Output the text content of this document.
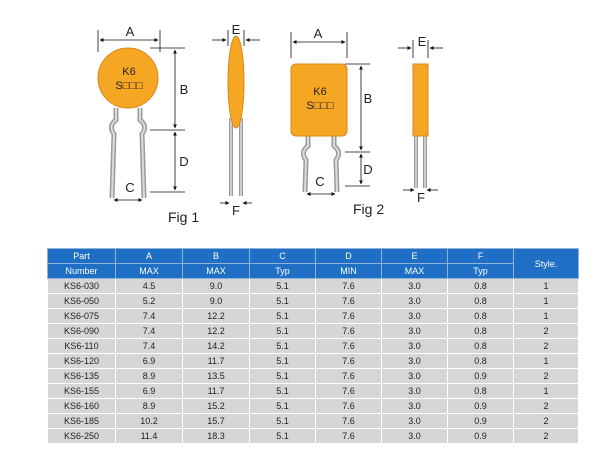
K6
S□□□
A
B
D
C
Fig 1
E
F
K6
S□□□
A
B
D
C
Fig 2
E
F
Part	A	B	C	D	E	F	Style.
Number	MAX	MAX	Typ	MIN	MAX	Typ	
KS6-030	4.5	9.0	5.1	7.6	3.0	0.8	1
KS6-050	5.2	9.0	5.1	7.6	3.0	0.8	1
KS6-075	7.4	12.2	5.1	7.6	3.0	0.8	1
KS6-090	7.4	12.2	5.1	7.6	3.0	0.8	2
KS6-110	7.4	14.2	5.1	7.6	3.0	0.8	2
KS6-120	6.9	11.7	5.1	7.6	3.0	0.8	1
KS6-135	8.9	13.5	5.1	7.6	3.0	0.9	2
KS6-155	6.9	11.7	5.1	7.6	3.0	0.8	1
KS6-160	8.9	15.2	5.1	7.6	3.0	0.9	2
KS6-185	10.2	15.7	5.1	7.6	3.0	0.9	2
KS6-250	11.4	18.3	5.1	7.6	3.0	0.9	2
